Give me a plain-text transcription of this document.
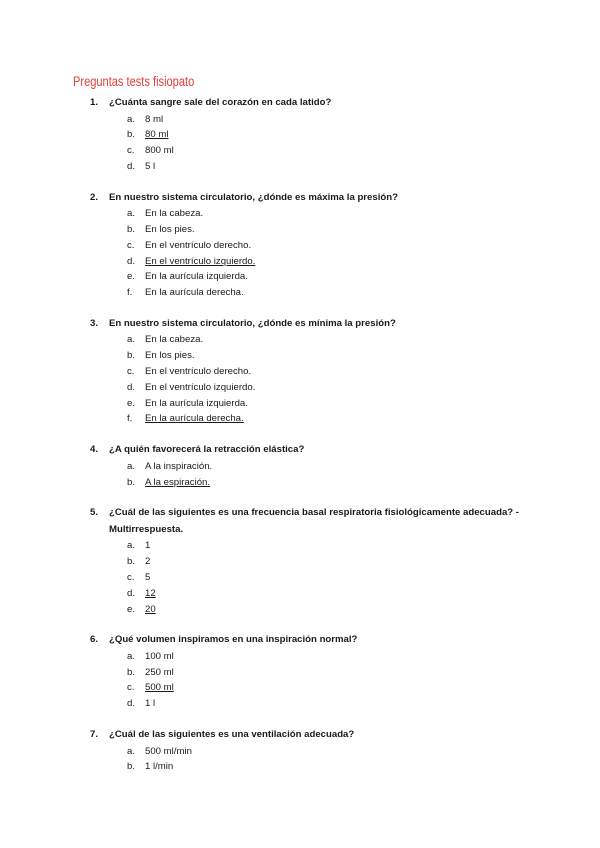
Preguntas tests fisiopato
1. ¿Cuánta sangre sale del corazón en cada latido?
a. 8 ml
b. 80 ml
c. 800 ml
d. 5 l
2. En nuestro sistema circulatorio, ¿dónde es máxima la presión?
a. En la cabeza.
b. En los pies.
c. En el ventrículo derecho.
d. En el ventrículo izquierdo.
e. En la aurícula izquierda.
f. En la aurícula derecha.
3. En nuestro sistema circulatorio, ¿dónde es mínima la presión?
a. En la cabeza.
b. En los pies.
c. En el ventrículo derecho.
d. En el ventrículo izquierdo.
e. En la aurícula izquierda.
f. En la aurícula derecha.
4. ¿A quién favorecerá la retracción elástica?
a. A la inspiración.
b. A la espiración.
5. ¿Cuál de las siguientes es una frecuencia basal respiratoria fisiológicamente adecuada? - Multirrespuesta.
a. 1
b. 2
c. 5
d. 12
e. 20
6. ¿Qué volumen inspiramos en una inspiración normal?
a. 100 ml
b. 250 ml
c. 500 ml
d. 1 l
7. ¿Cuál de las siguientes es una ventilación adecuada?
a. 500 ml/min
b. 1 l/min
